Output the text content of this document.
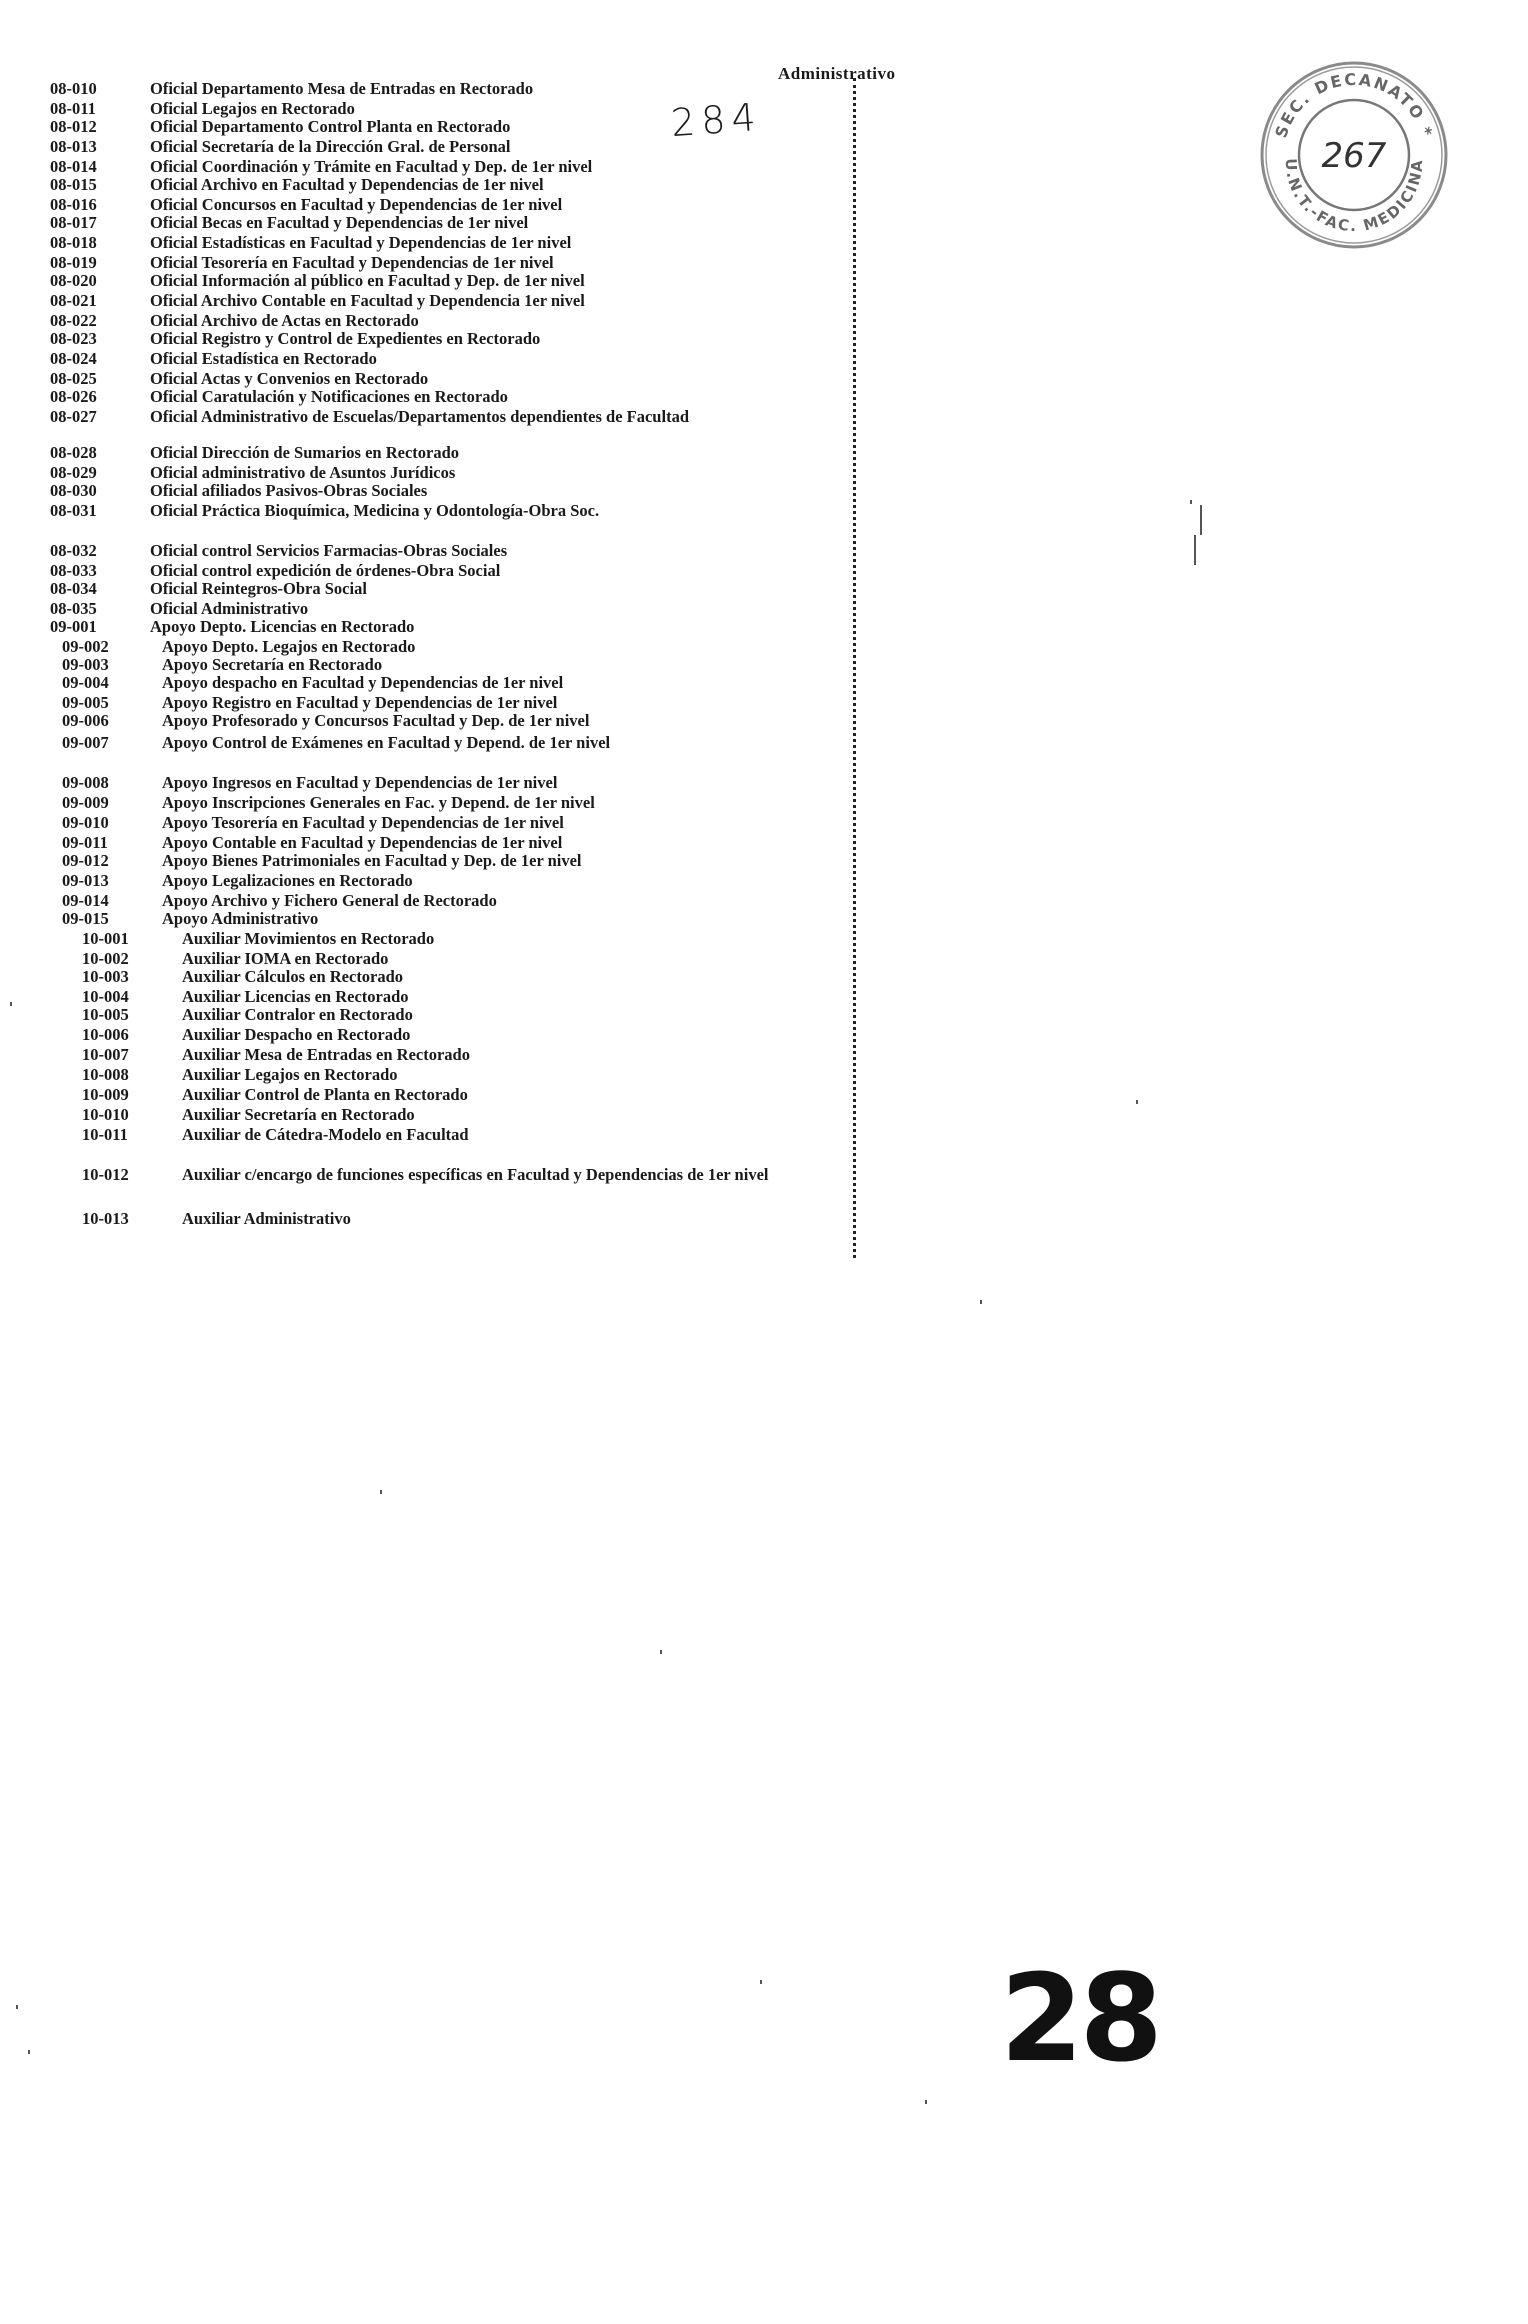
Administrativo
08-010	Oficial Departamento Mesa de Entradas en Rectorado
08-011	Oficial Legajos en Rectorado
08-012	Oficial Departamento Control Planta en Rectorado
08-013	Oficial Secretaría de la Dirección Gral. de Personal
08-014	Oficial Coordinación y Trámite en Facultad y Dep. de 1er nivel
08-015	Oficial Archivo en Facultad y Dependencias de 1er nivel
08-016	Oficial Concursos en Facultad y Dependencias de 1er nivel
08-017	Oficial Becas en Facultad y Dependencias de 1er nivel
08-018	Oficial Estadísticas en Facultad y Dependencias de 1er nivel
08-019	Oficial Tesorería en Facultad y Dependencias de 1er nivel
08-020	Oficial Información al público en Facultad y Dep. de 1er nivel
08-021	Oficial Archivo Contable en Facultad y Dependencia 1er nivel
08-022	Oficial Archivo de Actas en Rectorado
08-023	Oficial Registro y Control de Expedientes en Rectorado
08-024	Oficial Estadística en Rectorado
08-025	Oficial Actas y Convenios en Rectorado
08-026	Oficial Caratulación y Notificaciones en Rectorado
08-027	Oficial Administrativo de Escuelas/Departamentos dependientes de Facultad
08-028	Oficial Dirección de Sumarios en Rectorado
08-029	Oficial administrativo de Asuntos Jurídicos
08-030	Oficial afiliados Pasivos-Obras Sociales
08-031	Oficial Práctica Bioquímica, Medicina y Odontología-Obra Soc.
08-032	Oficial control Servicios Farmacias-Obras Sociales
08-033	Oficial control expedición de órdenes-Obra Social
08-034	Oficial Reintegros-Obra Social
08-035	Oficial Administrativo
09-001	Apoyo Depto. Licencias en Rectorado
09-002	Apoyo Depto. Legajos en Rectorado
09-003	Apoyo Secretaría en Rectorado
09-004	Apoyo despacho en Facultad y Dependencias de 1er nivel
09-005	Apoyo Registro en Facultad y Dependencias de 1er nivel
09-006	Apoyo Profesorado y Concursos Facultad y Dep. de 1er nivel
09-007	Apoyo Control de Exámenes en Facultad y Depend. de 1er nivel
09-008	Apoyo Ingresos en Facultad y Dependencias de 1er nivel
09-009	Apoyo Inscripciones Generales en Fac. y Depend. de 1er nivel
09-010	Apoyo Tesorería en Facultad y Dependencias de 1er nivel
09-011	Apoyo Contable en Facultad y Dependencias de 1er nivel
09-012	Apoyo Bienes Patrimoniales en Facultad y Dep. de 1er nivel
09-013	Apoyo Legalizaciones en Rectorado
09-014	Apoyo Archivo y Fichero General de Rectorado
09-015	Apoyo Administrativo
10-001	Auxiliar Movimientos en Rectorado
10-002	Auxiliar IOMA en Rectorado
10-003	Auxiliar Cálculos en Rectorado
10-004	Auxiliar Licencias en Rectorado
10-005	Auxiliar Contralor en Rectorado
10-006	Auxiliar Despacho en Rectorado
10-007	Auxiliar Mesa de Entradas en Rectorado
10-008	Auxiliar Legajos en Rectorado
10-009	Auxiliar Control de Planta en Rectorado
10-010	Auxiliar Secretaría en Rectorado
10-011	Auxiliar de Cátedra-Modelo en Facultad
10-012	Auxiliar c/encargo de funciones específicas en Facultad y Dependencias de 1er nivel
10-013	Auxiliar Administrativo
284	SEC. DECANATO *
U.N.T.-FAC. MEDICINA
267
28
